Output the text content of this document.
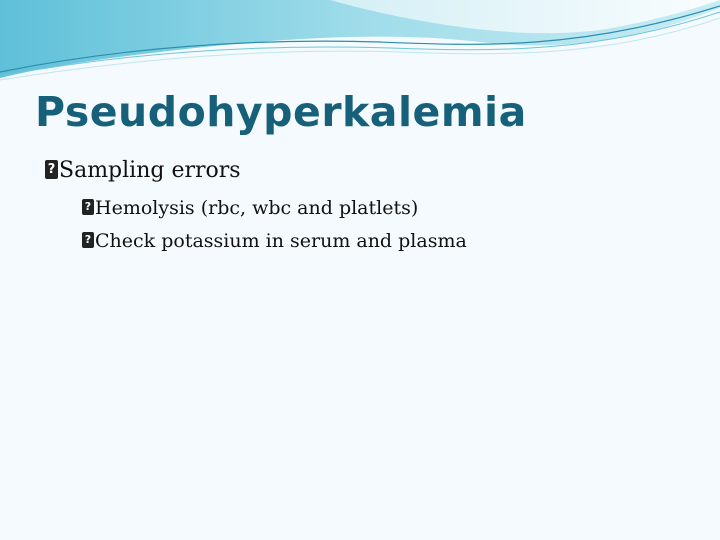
Pseudohyperkalemia
? Sampling errors
? Hemolysis (rbc, wbc and platlets)
? Check potassium in serum and plasma
